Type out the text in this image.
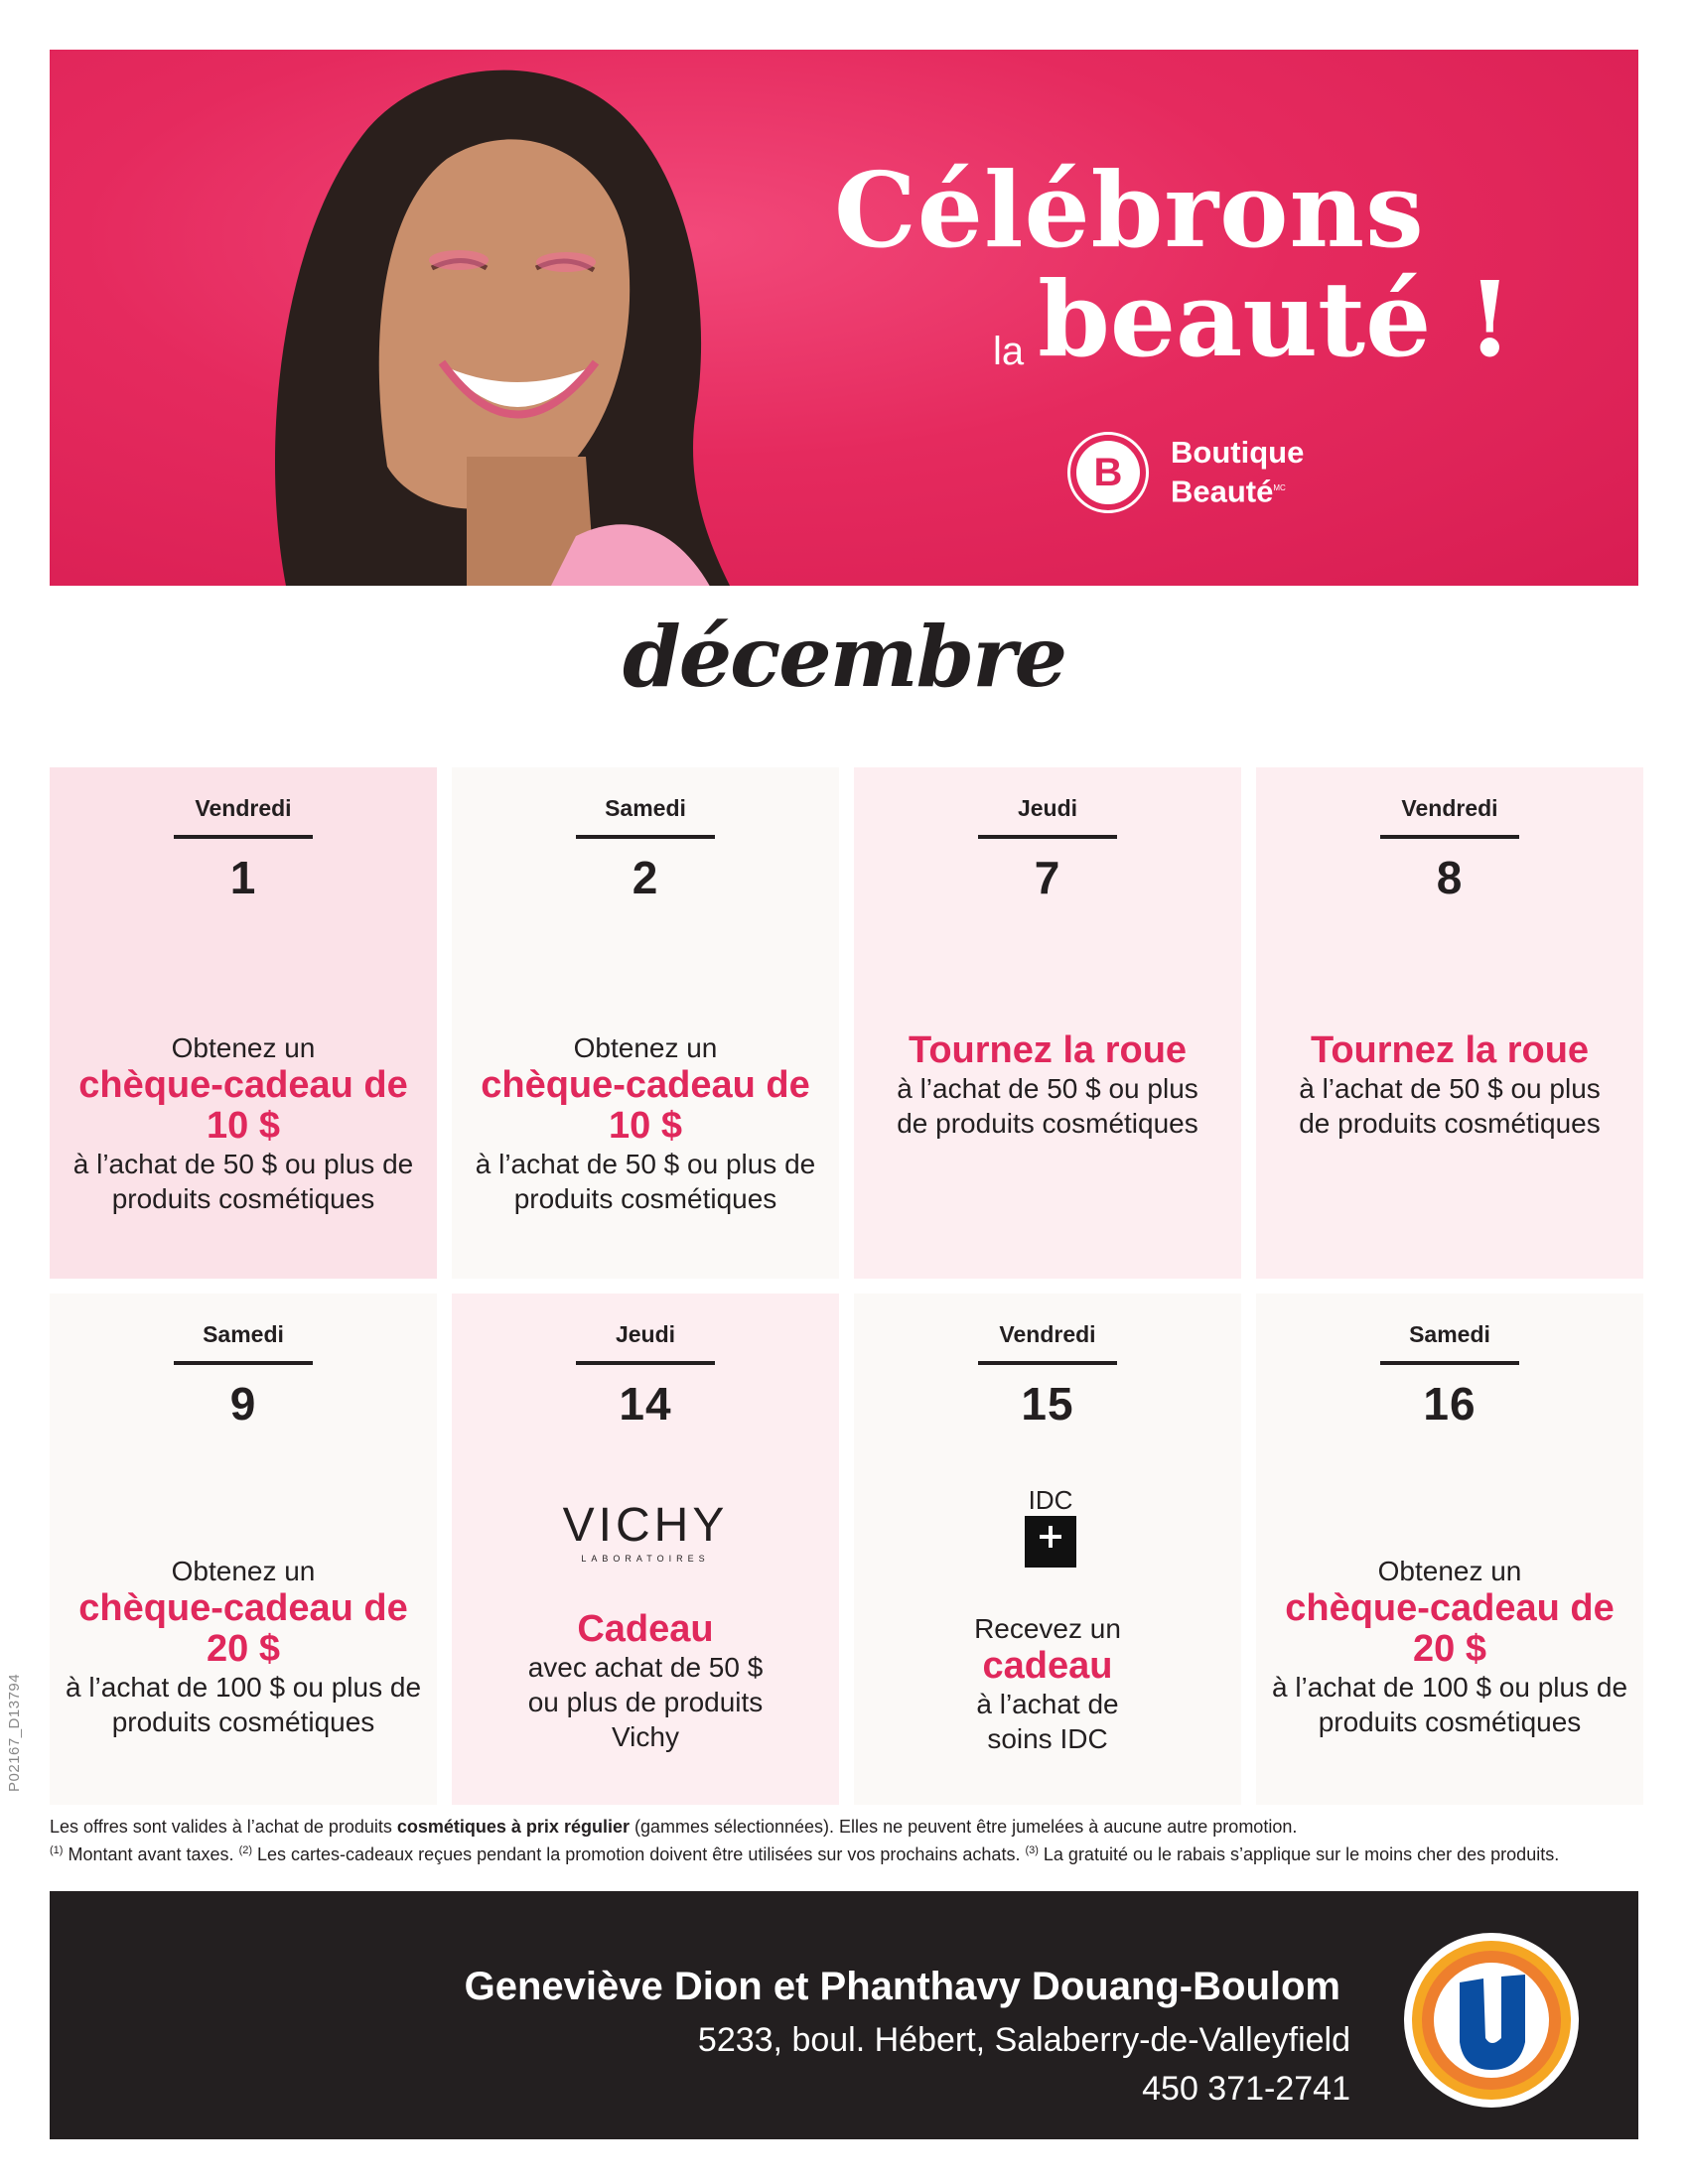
Célébrons
la beauté !
B	Boutique
Beauté$^{MC}$
décembre
Vendredi
1
Obtenez un
chèque-cadeau de 10 $
à l’achat de 50 $ ou plus de produits cosmétiques
Samedi
2
Obtenez un
chèque-cadeau de 10 $
à l’achat de 50 $ ou plus de produits cosmétiques
Jeudi
7
Tournez la roue
à l’achat de 50 $ ou plus de produits cosmétiques
Vendredi
8
Tournez la roue
à l’achat de 50 $ ou plus de produits cosmétiques
Samedi
9
Obtenez un
chèque-cadeau de 20 $
à l’achat de 100 $ ou plus de produits cosmétiques
Jeudi
14
VICHY
LABORATOIRES
Cadeau
avec achat de 50 $ ou plus de produits Vichy
Vendredi
15
IDC
Recevez un
cadeau
à l’achat de soins IDC
Samedi
16
Obtenez un
chèque-cadeau de 20 $
à l’achat de 100 $ ou plus de produits cosmétiques
P02167_D13794
Les offres sont valides à l’achat de produits cosmétiques à prix régulier (gammes sélectionnées). Elles ne peuvent être jumelées à aucune autre promotion.
$^{(1)}$ Montant avant taxes. $^{(2)}$ Les cartes-cadeaux reçues pendant la promotion doivent être utilisées sur vos prochains achats. $^{(3)}$ La gratuité ou le rabais s’applique sur le moins cher des produits.
Geneviève Dion et Phanthavy Douang-Boulom
5233, boul. Hébert, Salaberry-de-Valleyfield
450 371-2741
